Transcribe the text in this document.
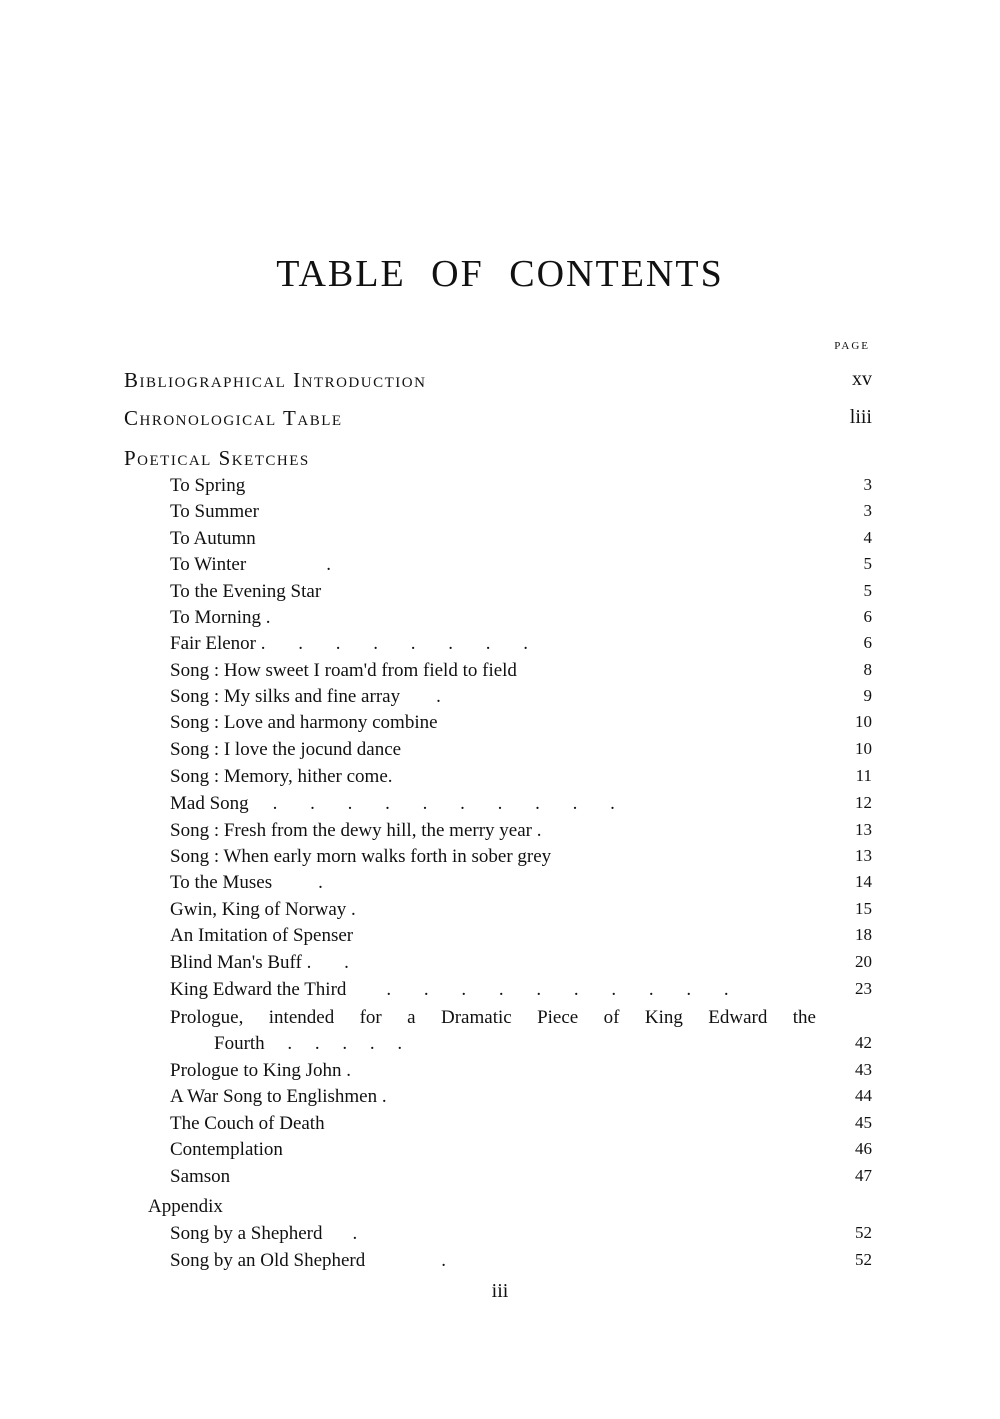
TABLE OF CONTENTS
PAGE
Bibliographical Introduction	xv
Chronological Table	liii
Poetical Sketches
To Spring	3
To Summer	3
To Autumn	4
To Winter	.	5
To the Evening Star	5
To Morning .	6
Fair Elenor . . . . . . . .	6
Song : How sweet I roam'd from field to field	8
Song : My silks and fine array .	9
Song : Love and harmony combine	10
Song : I love the jocund dance	10
Song : Memory, hither come.	11
Mad Song . . . . . . . . . .	12
Song : Fresh from the dewy hill, the merry year .	13
Song : When early morn walks forth in sober grey	13
To the Muses .	14
Gwin, King of Norway .	15
An Imitation of Spenser	18
Blind Man's Buff . .	20
King Edward the Third . . . . . . . . . .	23
Prologue, intended for a Dramatic Piece of King Edward the
Fourth . . . . .	42
Prologue to King John .	43
A War Song to Englishmen .	44
The Couch of Death	45
Contemplation	46
Samson	47
Appendix
Song by a Shepherd .	52
Song by an Old Shepherd	.	52
iii
